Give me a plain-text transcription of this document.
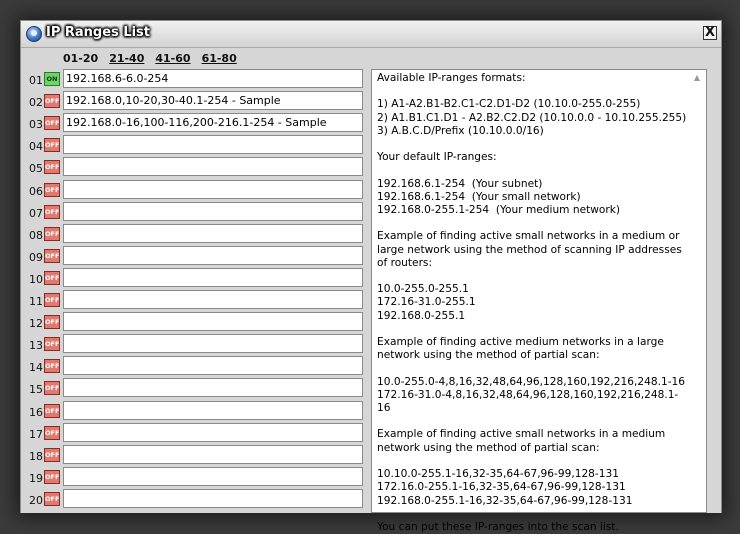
IP Ranges List	X
01-20 21-40 41-60 61-80
01 ON 192.168.6-6.0-254
02 OFF 192.168.0,10-20,30-40.1-254 - Sample
03 OFF 192.168.0-16,100-116,200-216.1-254 - Sample
04 OFF
05 OFF
06 OFF
07 OFF
08 OFF
09 OFF
10 OFF
11 OFF
12 OFF
13 OFF
14 OFF
15 OFF
16 OFF
17 OFF
18 OFF
19 OFF
20 OFF
Available IP-ranges formats:

1) A1-A2.B1-B2.C1-C2.D1-D2 (10.10.0-255.0-255)
2) A1.B1.C1.D1 - A2.B2.C2.D2 (10.10.0.0 - 10.10.255.255)
3) A.B.C.D/Prefix (10.10.0.0/16)

Your default IP-ranges:

192.168.6.1-254  (Your subnet)
192.168.6.1-254  (Your small network)
192.168.0-255.1-254  (Your medium network)

Example of finding active small networks in a medium or large network using the method of scanning IP addresses of routers:

10.0-255.0-255.1
172.16-31.0-255.1
192.168.0-255.1

Example of finding active medium networks in a large network using the method of partial scan:

10.0-255.0-4,8,16,32,48,64,96,128,160,192,216,248.1-16
172.16-31.0-4,8,16,32,48,64,96,128,160,192,216,248.1-16

Example of finding active small networks in a medium network using the method of partial scan:

10.10.0-255.1-16,32-35,64-67,96-99,128-131
172.16.0-255.1-16,32-35,64-67,96-99,128-131
192.168.0-255.1-16,32-35,64-67,96-99,128-131

You can put these IP-ranges into the scan list.
▲
